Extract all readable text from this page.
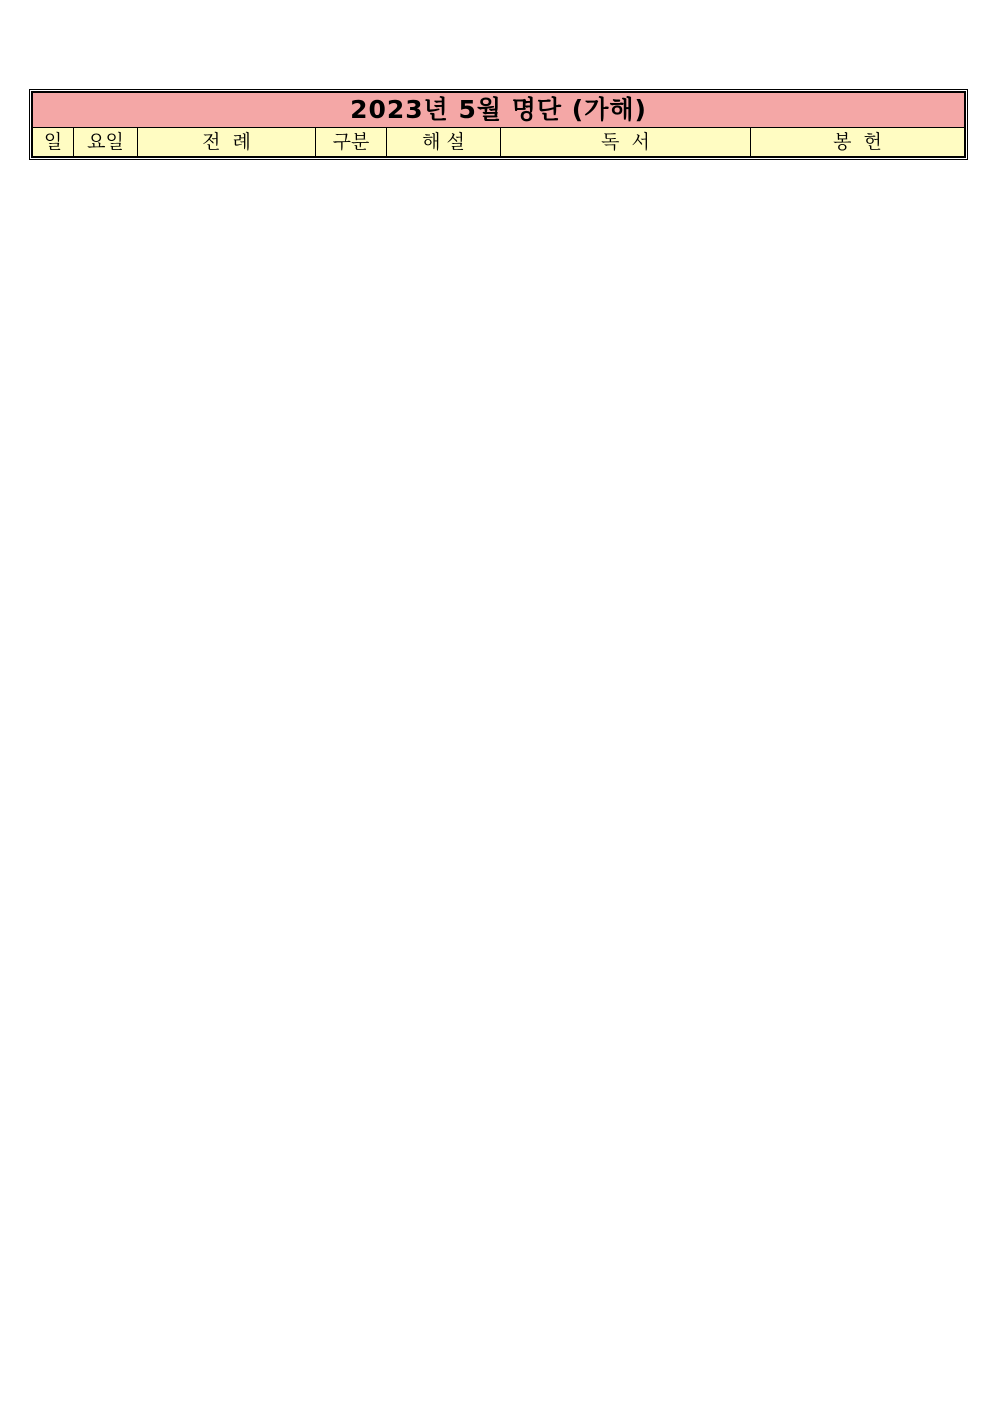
2023년 5월 명단 (가해)
일	요일	전  례	구분	해 설	독  서	봉  헌
